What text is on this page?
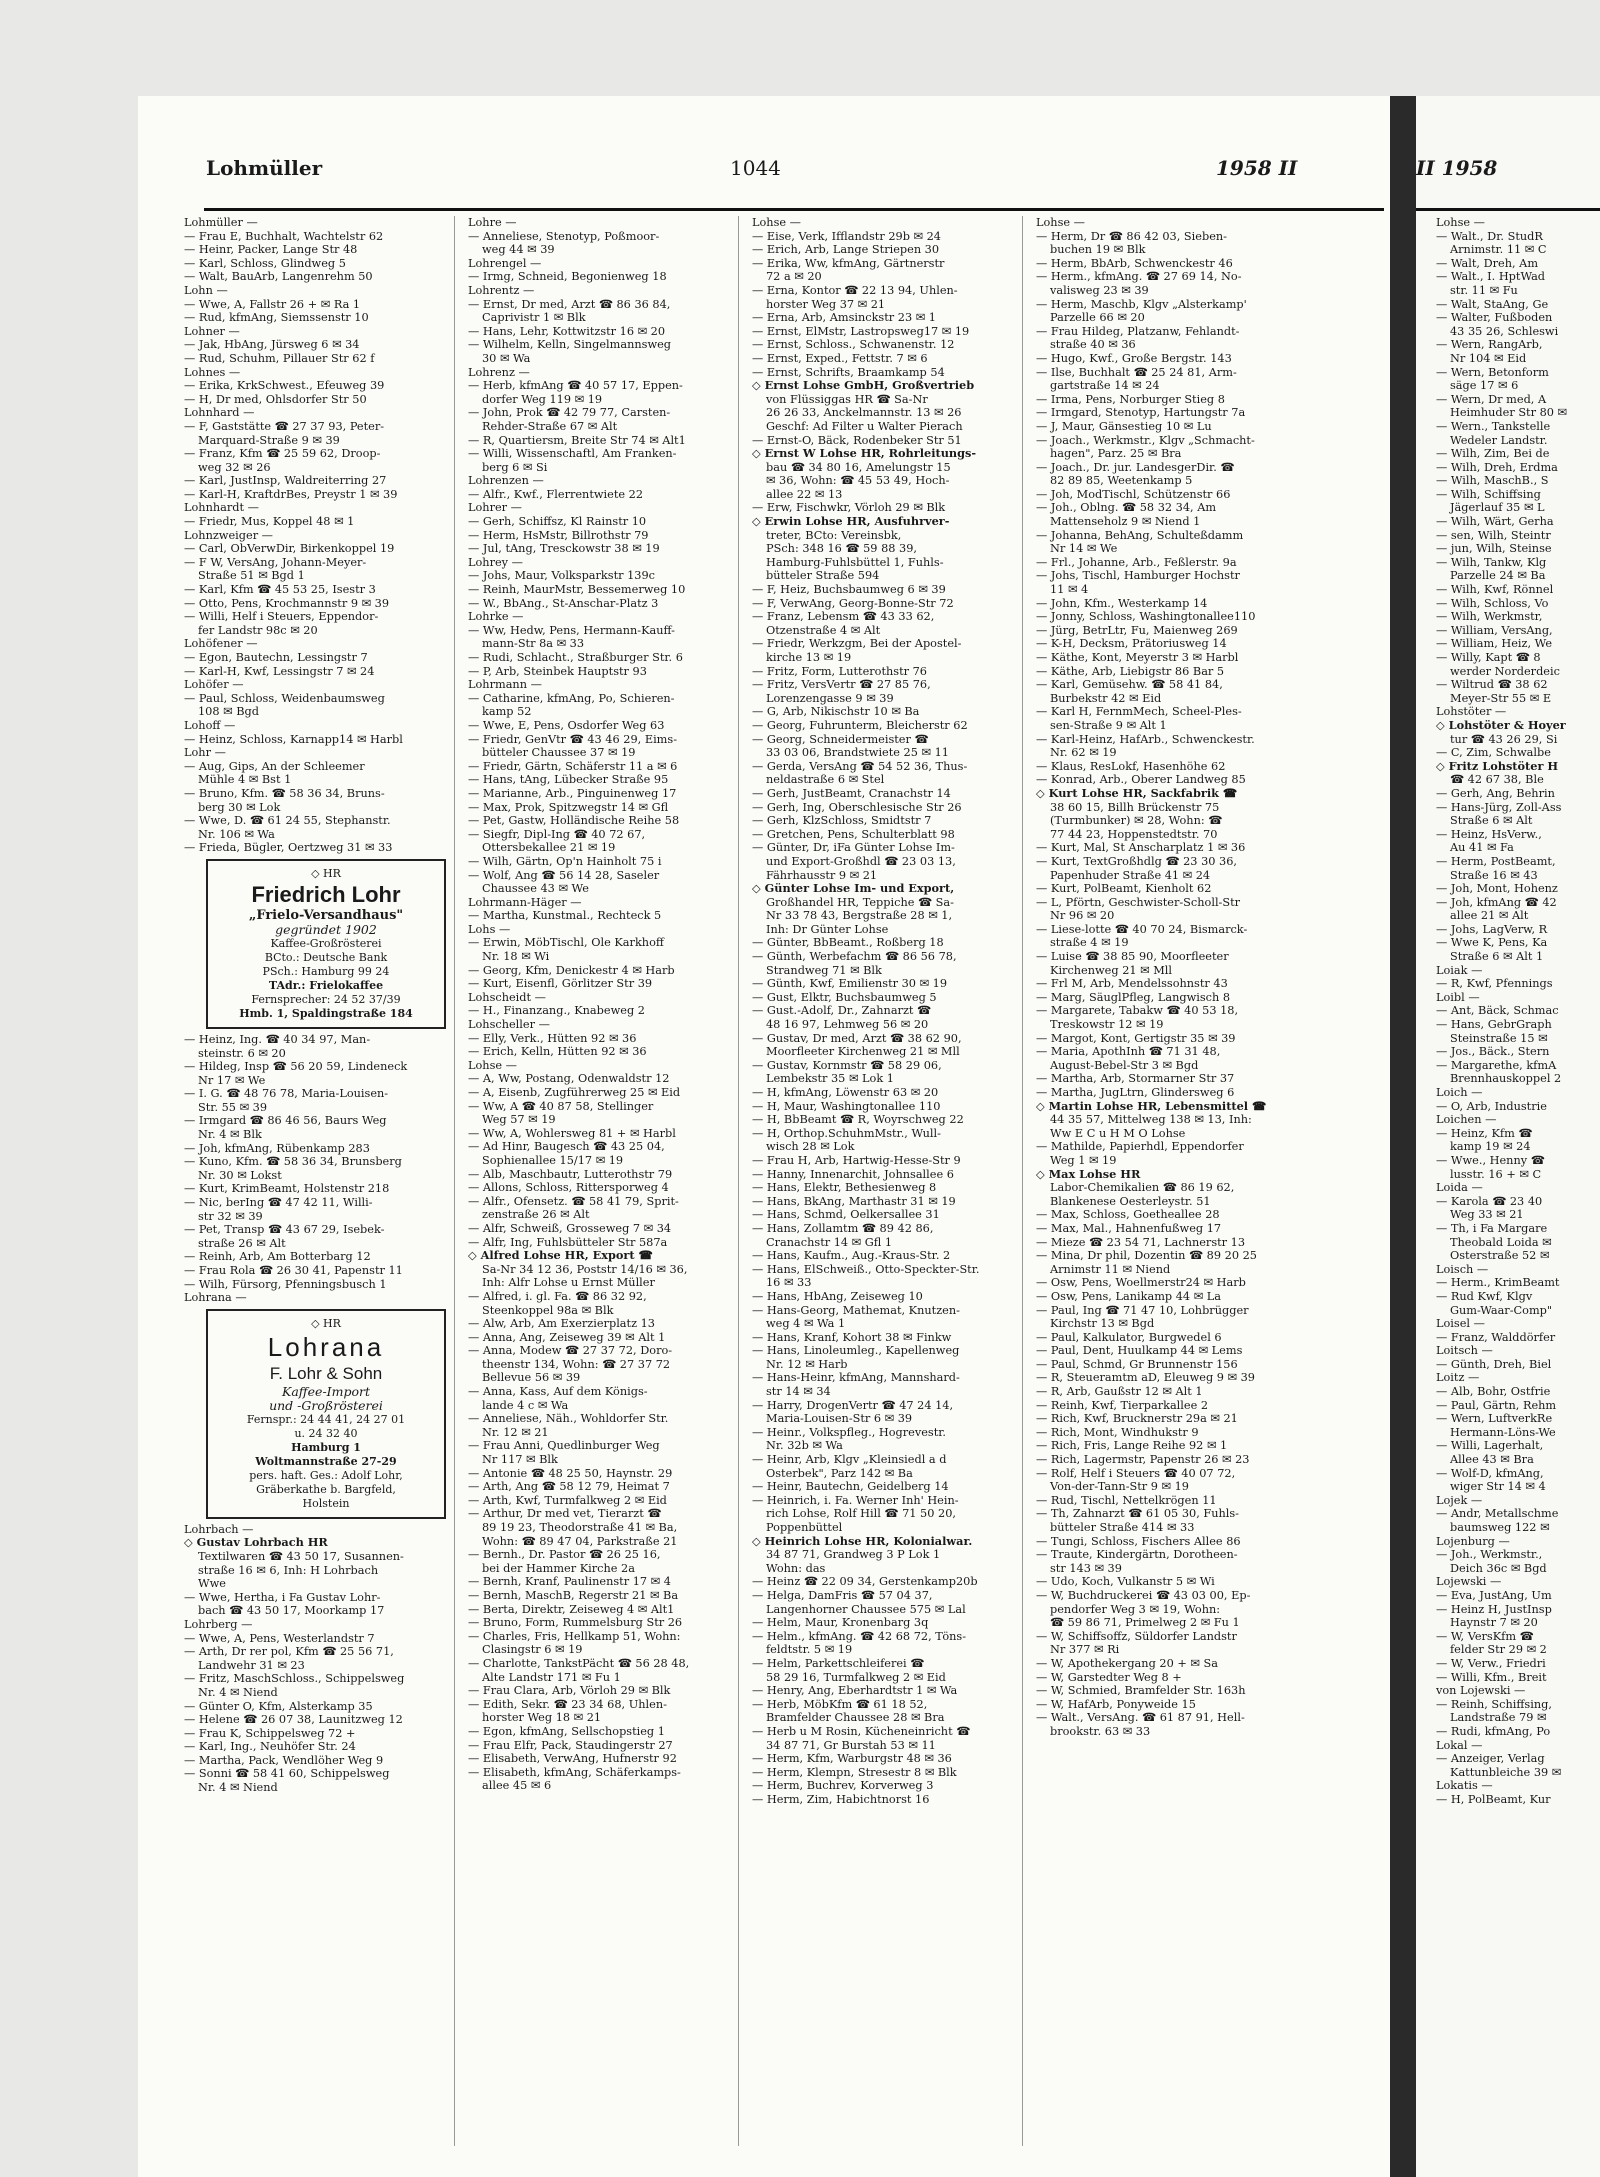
Lohmüller	1044	1958 II
Lohmüller —
— Frau E, Buchhalt, Wachtelstr 62
— Heinr, Packer, Lange Str 48
— Karl, Schloss, Glindweg 5
— Walt, BauArb, Langenrehm 50
Lohn —
— Wwe, A, Fallstr 26 + ✉ Ra 1
— Rud, kfmAng, Siemssenstr 10
Lohner —
— Jak, HbAng, Jürsweg 6 ✉ 34
— Rud, Schuhm, Pillauer Str 62 f
Lohnes —
— Erika, KrkSchwest., Efeuweg 39
— H, Dr med, Ohlsdorfer Str 50
Lohnhard —
— F, Gaststätte ☎ 27 37 93, Peter-
Marquard-Straße 9 ✉ 39
— Franz, Kfm ☎ 25 59 62, Droop-
weg 32 ✉ 26
— Karl, JustInsp, Waldreiterring 27
— Karl-H, KraftdrBes, Preystr 1 ✉ 39
Lohnhardt —
— Friedr, Mus, Koppel 48 ✉ 1
Lohnzweiger —
— Carl, ObVerwDir, Birkenkoppel 19
— F W, VersAng, Johann-Meyer-
Straße 51 ✉ Bgd 1
— Karl, Kfm ☎ 45 53 25, Isestr 3
— Otto, Pens, Krochmannstr 9 ✉ 39
— Willi, Helf i Steuers, Eppendor-
fer Landstr 98c ✉ 20
Lohöfener —
— Egon, Bautechn, Lessingstr 7
— Karl-H, Kwf, Lessingstr 7 ✉ 24
Lohöfer —
— Paul, Schloss, Weidenbaumsweg
108 ✉ Bgd
Lohoff —
— Heinz, Schloss, Karnapp14 ✉ Harbl
Lohr —
— Aug, Gips, An der Schleemer
Mühle 4 ✉ Bst 1
— Bruno, Kfm. ☎ 58 36 34, Bruns-
berg 30 ✉ Lok
— Wwe, D. ☎ 61 24 55, Stephanstr.
Nr. 106 ✉ Wa
— Frieda, Bügler, Oertzweg 31 ✉ 33
◇ HR
Friedrich Lohr
„Frielo-Versandhaus"
gegründet 1902
Kaffee-Großrösterei
BCto.: Deutsche Bank
PSch.: Hamburg 99 24
TAdr.: Frielokaffee
Fernsprecher: 24 52 37/39
Hmb. 1, Spaldingstraße 184
— Heinz, Ing. ☎ 40 34 97, Man-
steinstr. 6 ✉ 20
— Hildeg, Insp ☎ 56 20 59, Lindeneck
Nr 17 ✉ We
— I. G. ☎ 48 76 78, Maria-Louisen-
Str. 55 ✉ 39
— Irmgard ☎ 86 46 56, Baurs Weg
Nr. 4 ✉ Blk
— Joh, kfmAng, Rübenkamp 283
— Kuno, Kfm. ☎ 58 36 34, Brunsberg
Nr. 30 ✉ Lokst
— Kurt, KrimBeamt, Holstenstr 218
— Nic, berIng ☎ 47 42 11, Willi-
str 32 ✉ 39
— Pet, Transp ☎ 43 67 29, Isebek-
straße 26 ✉ Alt
— Reinh, Arb, Am Botterbarg 12
— Frau Rola ☎ 26 30 41, Papenstr 11
— Wilh, Fürsorg, Pfenningsbusch 1
Lohrana —
◇ HR
Lohrana
F. Lohr & Sohn
Kaffee-Import
und -Großrösterei
Fernspr.: 24 44 41, 24 27 01
u. 24 32 40
Hamburg 1
Woltmannstraße 27-29
pers. haft. Ges.: Adolf Lohr,
Gräberkathe b. Bargfeld,
Holstein
Lohrbach —
◇ Gustav Lohrbach HR
Textilwaren ☎ 43 50 17, Susannen-
straße 16 ✉ 6, Inh: H Lohrbach
Wwe
— Wwe, Hertha, i Fa Gustav Lohr-
bach ☎ 43 50 17, Moorkamp 17
Lohrberg —
— Wwe, A, Pens, Westerlandstr 7
— Arth, Dr rer pol, Kfm ☎ 25 56 71,
Landwehr 31 ✉ 23
— Fritz, MaschSchloss., Schippelsweg
Nr. 4 ✉ Niend
— Günter O, Kfm, Alsterkamp 35
— Helene ☎ 26 07 38, Launitzweg 12
— Frau K, Schippelsweg 72 +
— Karl, Ing., Neuhöfer Str. 24
— Martha, Pack, Wendlöher Weg 9
— Sonni ☎ 58 41 60, Schippelsweg
Nr. 4 ✉ Niend
Lohre —
— Anneliese, Stenotyp, Poßmoor-
weg 44 ✉ 39
Lohrengel —
— Irmg, Schneid, Begonienweg 18
Lohrentz —
— Ernst, Dr med, Arzt ☎ 86 36 84,
Caprivistr 1 ✉ Blk
— Hans, Lehr, Kottwitzstr 16 ✉ 20
— Wilhelm, Kelln, Singelmannsweg
30 ✉ Wa
Lohrenz —
— Herb, kfmAng ☎ 40 57 17, Eppen-
dorfer Weg 119 ✉ 19
— John, Prok ☎ 42 79 77, Carsten-
Rehder-Straße 67 ✉ Alt
— R, Quartiersm, Breite Str 74 ✉ Alt1
— Willi, Wissenschaftl, Am Franken-
berg 6 ✉ Si
Lohrenzen —
— Alfr., Kwf., Flerrentwiete 22
Lohrer —
— Gerh, Schiffsz, Kl Rainstr 10
— Herm, HsMstr, Billrothstr 79
— Jul, tAng, Tresckowstr 38 ✉ 19
Lohrey —
— Johs, Maur, Volksparkstr 139c
— Reinh, MaurMstr, Bessemerweg 10
— W., BbAng., St-Anschar-Platz 3
Lohrke —
— Ww, Hedw, Pens, Hermann-Kauff-
mann-Str 8a ✉ 33
— Rudi, Schlacht., Straßburger Str. 6
— P, Arb, Steinbek Hauptstr 93
Lohrmann —
— Catharine, kfmAng, Po, Schieren-
kamp 52
— Wwe, E, Pens, Osdorfer Weg 63
— Friedr, GenVtr ☎ 43 46 29, Eims-
bütteler Chaussee 37 ✉ 19
— Friedr, Gärtn, Schäferstr 11 a ✉ 6
— Hans, tAng, Lübecker Straße 95
— Marianne, Arb., Pinguinenweg 17
— Max, Prok, Spitzwegstr 14 ✉ Gfl
— Pet, Gastw, Holländische Reihe 58
— Siegfr, Dipl-Ing ☎ 40 72 67,
Ottersbekallee 21 ✉ 19
— Wilh, Gärtn, Op'n Hainholt 75 i
— Wolf, Ang ☎ 56 14 28, Saseler
Chaussee 43 ✉ We
Lohrmann-Häger —
— Martha, Kunstmal., Rechteck 5
Lohs —
— Erwin, MöbTischl, Ole Karkhoff
Nr. 18 ✉ Wi
— Georg, Kfm, Denickestr 4 ✉ Harb
— Kurt, Eisenfl, Görlitzer Str 39
Lohscheidt —
— H., Finanzang., Knabeweg 2
Lohscheller —
— Elly, Verk., Hütten 92 ✉ 36
— Erich, Kelln, Hütten 92 ✉ 36
Lohse —
— A, Ww, Postang, Odenwaldstr 12
— A, Eisenb, Zugführerweg 25 ✉ Eid
— Ww, A ☎ 40 87 58, Stellinger
Weg 57 ✉ 19
— Ww, A, Wohlersweg 81 + ✉ Harbl
— Ad Hinr, Baugesch ☎ 43 25 04,
Sophienallee 15/17 ✉ 19
— Alb, Maschbautr, Lutterothstr 79
— Allons, Schloss, Rittersporweg 4
— Alfr., Ofensetz. ☎ 58 41 79, Sprit-
zenstraße 26 ✉ Alt
— Alfr, Schweiß, Grosseweg 7 ✉ 34
— Alfr, Ing, Fuhlsbütteler Str 587a
◇ Alfred Lohse HR, Export ☎
Sa-Nr 34 12 36, Poststr 14/16 ✉ 36,
Inh: Alfr Lohse u Ernst Müller
— Alfred, i. gl. Fa. ☎ 86 32 92,
Steenkoppel 98a ✉ Blk
— Alw, Arb, Am Exerzierplatz 13
— Anna, Ang, Zeiseweg 39 ✉ Alt 1
— Anna, Modew ☎ 27 37 72, Doro-
theenstr 134, Wohn: ☎ 27 37 72
Bellevue 56 ✉ 39
— Anna, Kass, Auf dem Königs-
lande 4 c ✉ Wa
— Anneliese, Näh., Wohldorfer Str.
Nr. 12 ✉ 21
— Frau Anni, Quedlinburger Weg
Nr 117 ✉ Blk
— Antonie ☎ 48 25 50, Haynstr. 29
— Arth, Ang ☎ 58 12 79, Heimat 7
— Arth, Kwf, Turmfalkweg 2 ✉ Eid
— Arthur, Dr med vet, Tierarzt ☎
89 19 23, Theodorstraße 41 ✉ Ba,
Wohn: ☎ 89 47 04, Parkstraße 21
— Bernh., Dr. Pastor ☎ 26 25 16,
bei der Hammer Kirche 2a
— Bernh, Kranf, Paulinenstr 17 ✉ 4
— Bernh, MaschB, Regerstr 21 ✉ Ba
— Berta, Direktr, Zeiseweg 4 ✉ Alt1
— Bruno, Form, Rummelsburg Str 26
— Charles, Fris, Hellkamp 51, Wohn:
Clasingstr 6 ✉ 19
— Charlotte, TankstPächt ☎ 56 28 48,
Alte Landstr 171 ✉ Fu 1
— Frau Clara, Arb, Vörloh 29 ✉ Blk
— Edith, Sekr. ☎ 23 34 68, Uhlen-
horster Weg 18 ✉ 21
— Egon, kfmAng, Sellschopstieg 1
— Frau Elfr, Pack, Staudingerstr 27
— Elisabeth, VerwAng, Hufnerstr 92
— Elisabeth, kfmAng, Schäferkamps-
allee 45 ✉ 6
Lohse —
— Eise, Verk, Ifflandstr 29b ✉ 24
— Erich, Arb, Lange Striepen 30
— Erika, Ww, kfmAng, Gärtnerstr
72 a ✉ 20
— Erna, Kontor ☎ 22 13 94, Uhlen-
horster Weg 37 ✉ 21
— Erna, Arb, Amsinckstr 23 ✉ 1
— Ernst, ElMstr, Lastropsweg17 ✉ 19
— Ernst, Schloss., Schwanenstr. 12
— Ernst, Exped., Fettstr. 7 ✉ 6
— Ernst, Schrifts, Braamkamp 54
◇ Ernst Lohse GmbH, Großvertrieb
von Flüssiggas HR ☎ Sa-Nr
26 26 33, Anckelmannstr. 13 ✉ 26
Geschf: Ad Filter u Walter Pierach
— Ernst-O, Bäck, Rodenbeker Str 51
◇ Ernst W Lohse HR, Rohrleitungs-
bau ☎ 34 80 16, Amelungstr 15
✉ 36, Wohn: ☎ 45 53 49, Hoch-
allee 22 ✉ 13
— Erw, Fischwkr, Vörloh 29 ✉ Blk
◇ Erwin Lohse HR, Ausfuhrver-
treter, BCto: Vereinsbk,
PSch: 348 16 ☎ 59 88 39,
Hamburg-Fuhlsbüttel 1, Fuhls-
bütteler Straße 594
— F, Heiz, Buchsbaumweg 6 ✉ 39
— F, VerwAng, Georg-Bonne-Str 72
— Franz, Lebensm ☎ 43 33 62,
Otzenstraße 4 ✉ Alt
— Friedr, Werkzgm, Bei der Apostel-
kirche 13 ✉ 19
— Fritz, Form, Lutterothstr 76
— Fritz, VersVertr ☎ 27 85 76,
Lorenzengasse 9 ✉ 39
— G, Arb, Nikischstr 10 ✉ Ba
— Georg, Fuhrunterm, Bleicherstr 62
— Georg, Schneidermeister ☎
33 03 06, Brandstwiete 25 ✉ 11
— Gerda, VersAng ☎ 54 52 36, Thus-
neldastraße 6 ✉ Stel
— Gerh, JustBeamt, Cranachstr 14
— Gerh, Ing, Oberschlesische Str 26
— Gerh, KlzSchloss, Smidtstr 7
— Gretchen, Pens, Schulterblatt 98
— Günter, Dr, iFa Günter Lohse Im-
und Export-Großhdl ☎ 23 03 13,
Fährhausstr 9 ✉ 21
◇ Günter Lohse Im- und Export,
Großhandel HR, Teppiche ☎ Sa-
Nr 33 78 43, Bergstraße 28 ✉ 1,
Inh: Dr Günter Lohse
— Günter, BbBeamt., Roßberg 18
— Günth, Werbefachm ☎ 86 56 78,
Strandweg 71 ✉ Blk
— Günth, Kwf, Emilienstr 30 ✉ 19
— Gust, Elktr, Buchsbaumweg 5
— Gust.-Adolf, Dr., Zahnarzt ☎
48 16 97, Lehmweg 56 ✉ 20
— Gustav, Dr med, Arzt ☎ 38 62 90,
Moorfleeter Kirchenweg 21 ✉ Mll
— Gustav, Kornmstr ☎ 58 29 06,
Lembekstr 35 ✉ Lok 1
— H, kfmAng, Löwenstr 63 ✉ 20
— H, Maur, Washingtonallee 110
— H, BbBeamt ☎ R, Woyrschweg 22
— H, Orthop.SchuhmMstr., Wull-
wisch 28 ✉ Lok
— Frau H, Arb, Hartwig-Hesse-Str 9
— Hanny, Innenarchit, Johnsallee 6
— Hans, Elektr, Bethesienweg 8
— Hans, BkAng, Marthastr 31 ✉ 19
— Hans, Schmd, Oelkersallee 31
— Hans, Zollamtm ☎ 89 42 86,
Cranachstr 14 ✉ Gfl 1
— Hans, Kaufm., Aug.-Kraus-Str. 2
— Hans, ElSchweiß., Otto-Speckter-Str.
16 ✉ 33
— Hans, HbAng, Zeiseweg 10
— Hans-Georg, Mathemat, Knutzen-
weg 4 ✉ Wa 1
— Hans, Kranf, Kohort 38 ✉ Finkw
— Hans, Linoleumleg., Kapellenweg
Nr. 12 ✉ Harb
— Hans-Heinr, kfmAng, Mannshard-
str 14 ✉ 34
— Harry, DrogenVertr ☎ 47 24 14,
Maria-Louisen-Str 6 ✉ 39
— Heinr., Volkspfleg., Hogrevestr.
Nr. 32b ✉ Wa
— Heinr, Arb, Klgv „Kleinsiedl a d
Osterbek", Parz 142 ✉ Ba
— Heinr, Bautechn, Geidelberg 14
— Heinrich, i. Fa. Werner Inh' Hein-
rich Lohse, Rolf Hill ☎ 71 50 20,
Poppenbüttel
◇ Heinrich Lohse HR, Kolonialwar.
34 87 71, Grandweg 3 P Lok 1
Wohn: das
— Heinz ☎ 22 09 34, Gerstenkamp20b
— Helga, DamFris ☎ 57 04 37,
Langenhorner Chaussee 575 ✉ Lal
— Helm, Maur, Kronenbarg 3q
— Helm., kfmAng. ☎ 42 68 72, Töns-
feldtstr. 5 ✉ 19
— Helm, Parkettschleiferei ☎
58 29 16, Turmfalkweg 2 ✉ Eid
— Henry, Ang, Eberhardtstr 1 ✉ Wa
— Herb, MöbKfm ☎ 61 18 52,
Bramfelder Chaussee 28 ✉ Bra
— Herb u M Rosin, Kücheneinricht ☎
34 87 71, Gr Burstah 53 ✉ 11
— Herm, Kfm, Warburgstr 48 ✉ 36
— Herm, Klempn, Stresestr 8 ✉ Blk
— Herm, Buchrev, Korverweg 3
— Herm, Zim, Habichtnorst 16
Lohse —
— Herm, Dr ☎ 86 42 03, Sieben-
buchen 19 ✉ Blk
— Herm, BbArb, Schwenckestr 46
— Herm., kfmAng. ☎ 27 69 14, No-
valisweg 23 ✉ 39
— Herm, Maschb, Klgv „Alsterkamp'
Parzelle 66 ✉ 20
— Frau Hildeg, Platzanw, Fehlandt-
straße 40 ✉ 36
— Hugo, Kwf., Große Bergstr. 143
— Ilse, Buchhalt ☎ 25 24 81, Arm-
gartstraße 14 ✉ 24
— Irma, Pens, Norburger Stieg 8
— Irmgard, Stenotyp, Hartungstr 7a
— J, Maur, Gänsestieg 10 ✉ Lu
— Joach., Werkmstr., Klgv „Schmacht-
hagen", Parz. 25 ✉ Bra
— Joach., Dr. jur. LandesgerDir. ☎
82 89 85, Weetenkamp 5
— Joh, ModTischl, Schützenstr 66
— Joh., Oblng. ☎ 58 32 34, Am
Mattenseholz 9 ✉ Niend 1
— Johanna, BehAng, Schulteßdamm
Nr 14 ✉ We
— Frl., Johanne, Arb., Feßlerstr. 9a
— Johs, Tischl, Hamburger Hochstr
11 ✉ 4
— John, Kfm., Westerkamp 14
— Jonny, Schloss, Washingtonallee110
— Jürg, BetrLtr, Fu, Maienweg 269
— K-H, Decksm, Prätoriusweg 14
— Käthe, Kont, Meyerstr 3 ✉ Harbl
— Käthe, Arb, Liebigstr 86 Bar 5
— Karl, Gemüsehw. ☎ 58 41 84,
Burbekstr 42 ✉ Eid
— Karl H, FernmMech, Scheel-Ples-
sen-Straße 9 ✉ Alt 1
— Karl-Heinz, HafArb., Schwenckestr.
Nr. 62 ✉ 19
— Klaus, ResLokf, Hasenhöhe 62
— Konrad, Arb., Oberer Landweg 85
◇ Kurt Lohse HR, Sackfabrik ☎
38 60 15, Billh Brückenstr 75
(Turmbunker) ✉ 28, Wohn: ☎
77 44 23, Hoppenstedtstr. 70
— Kurt, Mal, St Anscharplatz 1 ✉ 36
— Kurt, TextGroßhdlg ☎ 23 30 36,
Papenhuder Straße 41 ✉ 24
— Kurt, PolBeamt, Kienholt 62
— L, Pförtn, Geschwister-Scholl-Str
Nr 96 ✉ 20
— Liese-lotte ☎ 40 70 24, Bismarck-
straße 4 ✉ 19
— Luise ☎ 38 85 90, Moorfleeter
Kirchenweg 21 ✉ Mll
— Frl M, Arb, Mendelssohnstr 43
— Marg, SäuglPfleg, Langwisch 8
— Margarete, Tabakw ☎ 40 53 18,
Treskowstr 12 ✉ 19
— Margot, Kont, Gertigstr 35 ✉ 39
— Maria, ApothInh ☎ 71 31 48,
August-Bebel-Str 3 ✉ Bgd
— Martha, Arb, Stormarner Str 37
— Martha, JugLtrn, Glindersweg 6
◇ Martin Lohse HR, Lebensmittel ☎
44 35 57, Mittelweg 138 ✉ 13, Inh:
Ww E C u H M O Lohse
— Mathilde, Papierhdl, Eppendorfer
Weg 1 ✉ 19
◇ Max Lohse HR
Labor-Chemikalien ☎ 86 19 62,
Blankenese Oesterleystr. 51
— Max, Schloss, Goetheallee 28
— Max, Mal., Hahnenfußweg 17
— Mieze ☎ 23 54 71, Lachnerstr 13
— Mina, Dr phil, Dozentin ☎ 89 20 25
Arnimstr 11 ✉ Niend
— Osw, Pens, Woellmerstr24 ✉ Harb
— Osw, Pens, Lanikamp 44 ✉ La
— Paul, Ing ☎ 71 47 10, Lohbrügger
Kirchstr 13 ✉ Bgd
— Paul, Kalkulator, Burgwedel 6
— Paul, Dent, Huulkamp 44 ✉ Lems
— Paul, Schmd, Gr Brunnenstr 156
— R, Steueramtm aD, Eleuweg 9 ✉ 39
— R, Arb, Gaußstr 12 ✉ Alt 1
— Reinh, Kwf, Tierparkallee 2
— Rich, Kwf, Brucknerstr 29a ✉ 21
— Rich, Mont, Windhukstr 9
— Rich, Fris, Lange Reihe 92 ✉ 1
— Rich, Lagermstr, Papenstr 26 ✉ 23
— Rolf, Helf i Steuers ☎ 40 07 72,
Von-der-Tann-Str 9 ✉ 19
— Rud, Tischl, Nettelkrögen 11
— Th, Zahnarzt ☎ 61 05 30, Fuhls-
bütteler Straße 414 ✉ 33
— Tungi, Schloss, Fischers Allee 86
— Traute, Kindergärtn, Dorotheen-
str 143 ✉ 39
— Udo, Koch, Vulkanstr 5 ✉ Wi
— W, Buchdruckerei ☎ 43 03 00, Ep-
pendorfer Weg 3 ✉ 19, Wohn:
☎ 59 86 71, Primelweg 2 ✉ Fu 1
— W, Schiffsoffz, Süldorfer Landstr
Nr 377 ✉ Ri
— W, Apothekergang 20 + ✉ Sa
— W, Garstedter Weg 8 +
— W, Schmied, Bramfelder Str. 163h
— W, HafArb, Ponyweide 15
— Walt., VersAng. ☎ 61 87 91, Hell-
brookstr. 63 ✉ 33
II 1958
Lohse —
— Walt., Dr. StudR
Arnimstr. 11 ✉ C
— Walt, Dreh, Am
— Walt., I. HptWad
str. 11 ✉ Fu
— Walt, StaAng, Ge
— Walter, Fußboden
43 35 26, Schleswi
— Wern, RangArb,
Nr 104 ✉ Eid
— Wern, Betonform
säge 17 ✉ 6
— Wern, Dr med, A
Heimhuder Str 80 ✉
— Wern., Tankstelle
Wedeler Landstr.
— Wilh, Zim, Bei de
— Wilh, Dreh, Erdma
— Wilh, MaschB., S
— Wilh, Schiffsing
Jägerlauf 35 ✉ L
— Wilh, Wärt, Gerha
— sen, Wilh, Steintr
— jun, Wilh, Steinse
— Wilh, Tankw, Klg
Parzelle 24 ✉ Ba
— Wilh, Kwf, Rönnel
— Wilh, Schloss, Vo
— Wilh, Werkmstr,
— William, VersAng,
— William, Heiz, We
— Willy, Kapt ☎ 8
werder Norderdeic
— Wiltrud ☎ 38 62
Meyer-Str 55 ✉ E
Lohstöter —
◇ Lohstöter & Hoyer
tur ☎ 43 26 29, Si
— C, Zim, Schwalbe
◇ Fritz Lohstöter H
☎ 42 67 38, Ble
— Gerh, Ang, Behrin
— Hans-Jürg, Zoll-Ass
Straße 6 ✉ Alt
— Heinz, HsVerw.,
Au 41 ✉ Fa
— Herm, PostBeamt,
Straße 16 ✉ 43
— Joh, Mont, Hohenz
— Joh, kfmAng ☎ 42
allee 21 ✉ Alt
— Johs, LagVerw, R
— Wwe K, Pens, Ka
Straße 6 ✉ Alt 1
Loiak —
— R, Kwf, Pfennings
Loibl —
— Ant, Bäck, Schmac
— Hans, GebrGraph
Steinstraße 15 ✉
— Jos., Bäck., Stern
— Margarethe, kfmA
Brennhauskoppel 2
Loich —
— O, Arb, Industrie
Loichen —
— Heinz, Kfm ☎
kamp 19 ✉ 24
— Wwe., Henny ☎
lusstr. 16 + ✉ C
Loida —
— Karola ☎ 23 40
Weg 33 ✉ 21
— Th, i Fa Margare
Theobald Loida ✉
Osterstraße 52 ✉
Loisch —
— Herm., KrimBeamt
— Rud Kwf, Klgv
Gum-Waar-Comp"
Loisel —
— Franz, Walddörfer
Loitsch —
— Günth, Dreh, Biel
Loitz —
— Alb, Bohr, Ostfrie
— Paul, Gärtn, Rehm
— Wern, LuftverkRe
Hermann-Löns-We
— Willi, Lagerhalt,
Allee 43 ✉ Bra
— Wolf-D, kfmAng,
wiger Str 14 ✉ 4
Lojek —
— Andr, Metallschme
baumsweg 122 ✉
Lojenburg —
— Joh., Werkmstr.,
Deich 36c ✉ Bgd
Lojewski —
— Eva, JustAng, Um
— Heinz H, JustInsp
Haynstr 7 ✉ 20
— W, VersKfm ☎
felder Str 29 ✉ 2
— W, Verw., Friedri
— Willi, Kfm., Breit
von Lojewski —
— Reinh, Schiffsing,
Landstraße 79 ✉
— Rudi, kfmAng, Po
Lokal —
— Anzeiger, Verlag
Kattunbleiche 39 ✉
Lokatis —
— H, PolBeamt, Kur
